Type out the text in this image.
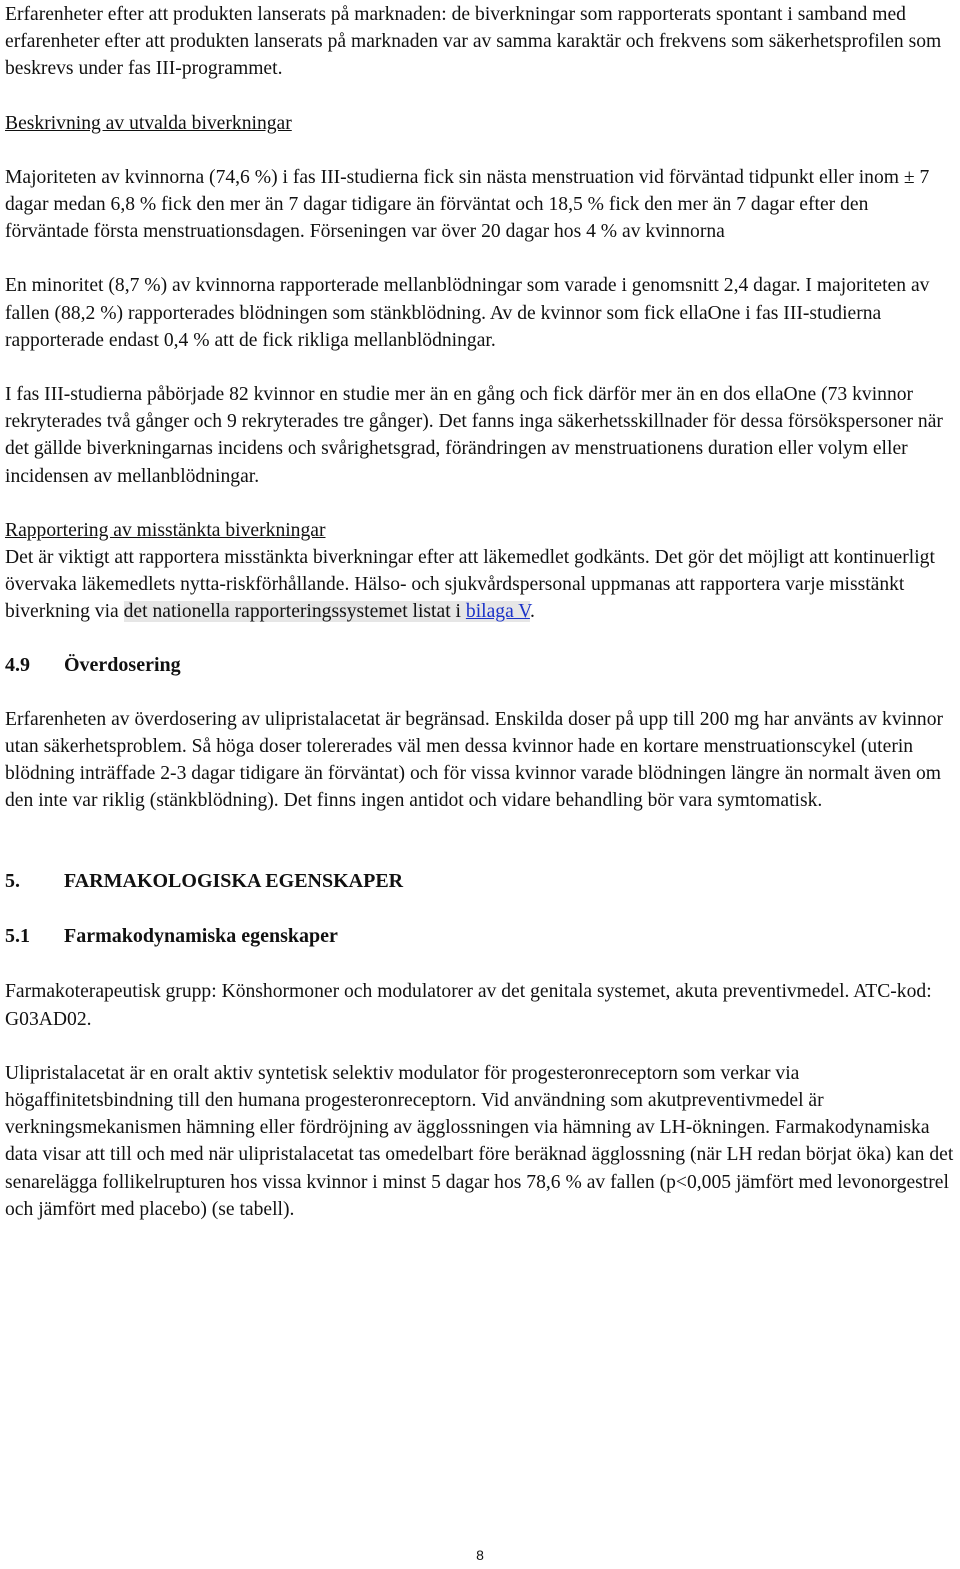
Erfarenheter efter att produkten lanserats på marknaden: de biverkningar som rapporterats spontant i samband med erfarenheter efter att produkten lanserats på marknaden var av samma karaktär och frekvens som säkerhetsprofilen som beskrevs under fas III-programmet.

Beskrivning av utvalda biverkningar

Majoriteten av kvinnorna (74,6 %) i fas III-studierna fick sin nästa menstruation vid förväntad tidpunkt eller inom ± 7 dagar medan 6,8 % fick den mer än 7 dagar tidigare än förväntat och 18,5 % fick den mer än 7 dagar efter den förväntade första menstruationsdagen. Förseningen var över 20 dagar hos 4 % av kvinnorna

En minoritet (8,7 %) av kvinnorna rapporterade mellanblödningar som varade i genomsnitt 2,4 dagar. I majoriteten av fallen (88,2 %) rapporterades blödningen som stänkblödning. Av de kvinnor som fick ellaOne i fas III-studierna rapporterade endast 0,4 % att de fick rikliga mellanblödningar.

I fas III-studierna påbörjade 82 kvinnor en studie mer än en gång och fick därför mer än en dos ellaOne (73 kvinnor rekryterades två gånger och 9 rekryterades tre gånger). Det fanns inga säkerhetsskillnader för dessa försökspersoner när det gällde biverkningarnas incidens och svårighetsgrad, förändringen av menstruationens duration eller volym eller incidensen av mellanblödningar.

Rapportering av misstänkta biverkningar

Det är viktigt att rapportera misstänkta biverkningar efter att läkemedlet godkänts. Det gör det möjligt att kontinuerligt övervaka läkemedlets nytta-riskförhållande. Hälso- och sjukvårdspersonal uppmanas att rapportera varje misstänkt biverkning via det nationella rapporteringssystemet listat i bilaga V.

4.9 Överdosering

Erfarenheten av överdosering av ulipristalacetat är begränsad. Enskilda doser på upp till 200 mg har använts av kvinnor utan säkerhetsproblem. Så höga doser tolererades väl men dessa kvinnor hade en kortare menstruationscykel (uterin blödning inträffade 2-3 dagar tidigare än förväntat) och för vissa kvinnor varade blödningen längre än normalt även om den inte var riklig (stänkblödning). Det finns ingen antidot och vidare behandling bör vara symtomatisk.

5. FARMAKOLOGISKA EGENSKAPER
5.1 Farmakodynamiska egenskaper

Farmakoterapeutisk grupp: Könshormoner och modulatorer av det genitala systemet, akuta preventivmedel. ATC-kod: G03AD02.

Ulipristalacetat är en oralt aktiv syntetisk selektiv modulator för progesteronreceptorn som verkar via högaffinitetsbindning till den humana progesteronreceptorn. Vid användning som akutpreventivmedel är verkningsmekanismen hämning eller fördröjning av ägglossningen via hämning av LH-ökningen. Farmakodynamiska data visar att till och med när ulipristalacetat tas omedelbart före beräknad ägglossning (när LH redan börjat öka) kan det senarelägga follikelrupturen hos vissa kvinnor i minst 5 dagar hos 78,6 % av fallen (p<0,005 jämfört med levonorgestrel och jämfört med placebo) (se tabell).

8
